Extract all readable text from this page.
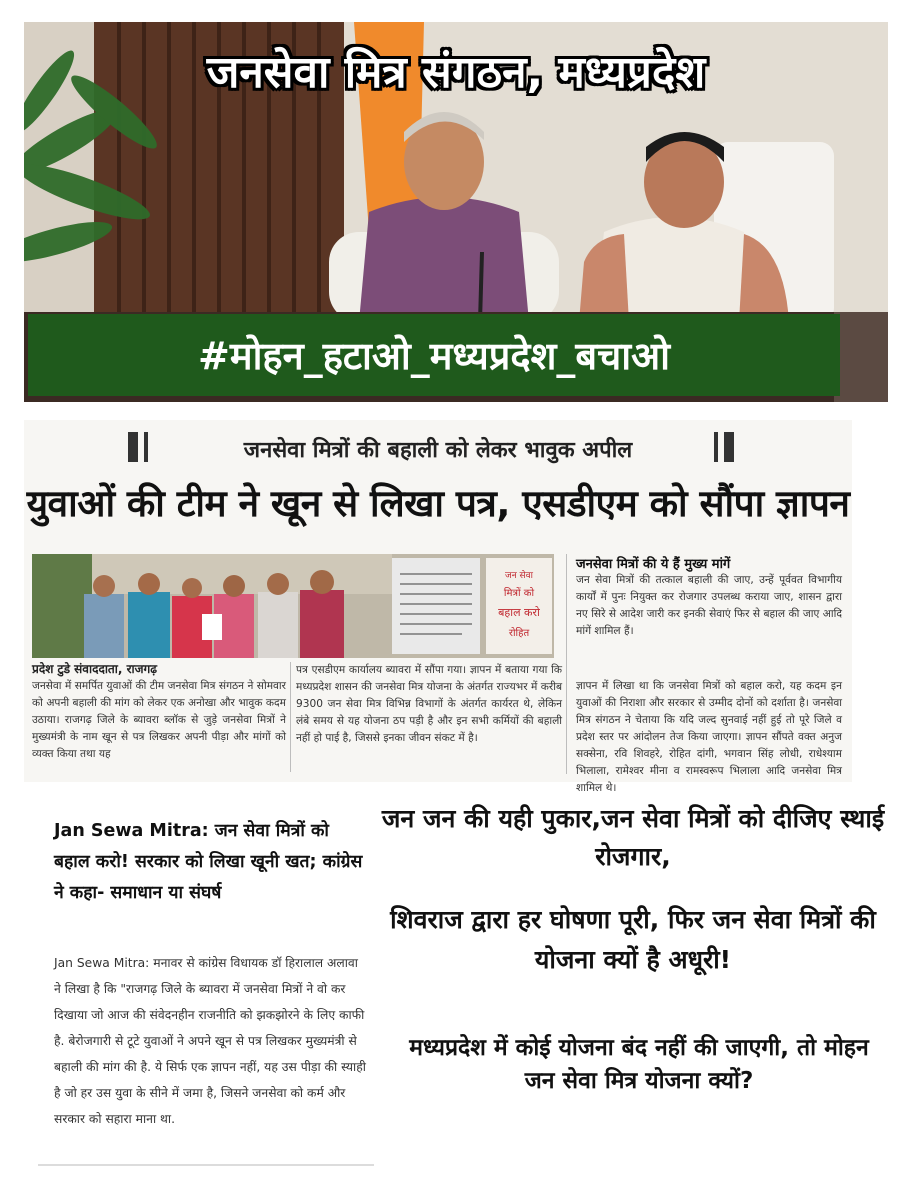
जनसेवा मित्र संगठन, मध्यप्रदेश
#मोहन_हटाओ_मध्यप्रदेश_बचाओ
जनसेवा मित्रों की बहाली को लेकर भावुक अपील
युवाओं की टीम ने खून से लिखा पत्र, एसडीएम को सौंपा ज्ञापन
जन सेवा
मित्रों को
बहाल करो
रोहित
प्रदेश टुडे संवाददाता, राजगढ़
जनसेवा में समर्पित युवाओं की टीम जनसेवा मित्र संगठन ने सोमवार को अपनी बहाली की मांग को लेकर एक अनोखा और भावुक कदम उठाया। राजगढ़ जिले के ब्यावरा ब्लॉक से जुड़े जनसेवा मित्रों ने मुख्यमंत्री के नाम खून से पत्र लिखकर अपनी पीड़ा और मांगों को व्यक्त किया तथा यह
पत्र एसडीएम कार्यालय ब्यावरा में सौंपा गया। ज्ञापन में बताया गया कि मध्यप्रदेश शासन की जनसेवा मित्र योजना के अंतर्गत राज्यभर में करीब 9300 जन सेवा मित्र विभिन्न विभागों के अंतर्गत कार्यरत थे, लेकिन लंबे समय से यह योजना ठप पड़ी है और इन सभी कर्मियों की बहाली नहीं हो पाई है, जिससे इनका जीवन संकट में है।
जनसेवा मित्रों की ये हैं मुख्य मांगें
जन सेवा मित्रों की तत्काल बहाली की जाए, उन्हें पूर्ववत विभागीय कार्यों में पुनः नियुक्त कर रोजगार उपलब्ध कराया जाए, शासन द्वारा नए सिरे से आदेश जारी कर इनकी सेवाएं फिर से बहाल की जाए आदि मांगें शामिल हैं।
ज्ञापन में लिखा था कि जनसेवा मित्रों को बहाल करो, यह कदम इन युवाओं की निराशा और सरकार से उम्मीद दोनों को दर्शाता है। जनसेवा मित्र संगठन ने चेताया कि यदि जल्द सुनवाई नहीं हुई तो पूरे जिले व प्रदेश स्तर पर आंदोलन तेज किया जाएगा। ज्ञापन सौंपते वक्त अनुज सक्सेना, रवि शिवहरे, रोहित दांगी, भगवान सिंह लोधी, राधेश्याम भिलाला, रामेश्वर मीना व रामस्वरूप भिलाला आदि जनसेवा मित्र शामिल थे।
Jan Sewa Mitra: जन सेवा मित्रों को बहाल करो! सरकार को लिखा खूनी खत; कांग्रेस ने कहा- समाधान या संघर्ष
Jan Sewa Mitra: मनावर से कांग्रेस विधायक डॉ हिरालाल अलावा ने लिखा है कि "राजगढ़ जिले के ब्यावरा में जनसेवा मित्रों ने वो कर दिखाया जो आज की संवेदनहीन राजनीति को झकझोरने के लिए काफी है. बेरोजगारी से टूटे युवाओं ने अपने खून से पत्र लिखकर मुख्यमंत्री से बहाली की मांग की है. ये सिर्फ एक ज्ञापन नहीं, यह उस पीड़ा की स्याही है जो हर उस युवा के सीने में जमा है, जिसने जनसेवा को कर्म और सरकार को सहारा माना था.
जन जन की यही पुकार,जन सेवा मित्रों को दीजिए स्थाई रोजगार,
शिवराज द्वारा हर घोषणा पूरी, फिर जन सेवा मित्रों की योजना क्यों है अधूरी!
मध्यप्रदेश में कोई योजना बंद नहीं की जाएगी, तो मोहन जन सेवा मित्र योजना क्यों?
